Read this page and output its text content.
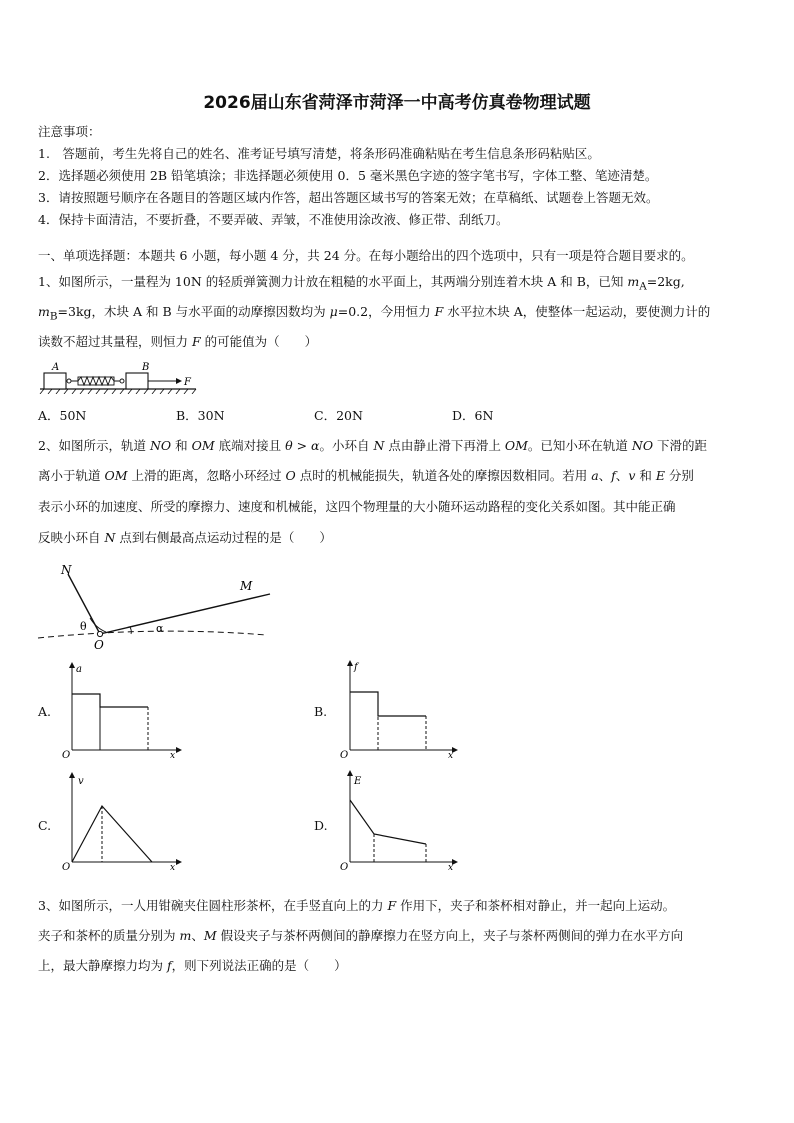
2026届山东省菏泽市菏泽一中高考仿真卷物理试题
注意事项：
1.　答题前，考生先将自己的姓名、准考证号填写清楚，将条形码准确粘贴在考生信息条形码粘贴区。
2．选择题必须使用 2B 铅笔填涂；非选择题必须使用 0．5 毫米黑色字迹的签字笔书写，字体工整、笔迹清楚。
3．请按照题号顺序在各题目的答题区域内作答，超出答题区域书写的答案无效；在草稿纸、试题卷上答题无效。
4．保持卡面清洁，不要折叠，不要弄破、弄皱，不准使用涂改液、修正带、刮纸刀。
一、单项选择题：本题共 6 小题，每小题 4 分，共 24 分。在每小题给出的四个选项中，只有一项是符合题目要求的。
1、如图所示，一量程为 10N 的轻质弹簧测力计放在粗糙的水平面上，其两端分别连着木块 A 和 B，已知 $m_A=2kg$,
$m_B=3kg$，木块 A 和 B 与水平面的动摩擦因数均为 μ=0.2，今用恒力 F 水平拉木块 A，使整体一起运动，要使测力计的
读数不超过其量程，则恒力 F 的可能值为（　　）
A	B
F
A．50N	B．30N	C．20N	D．6N
2、如图所示，轨道 NO 和 OM 底端对接且 θ > α。小环自 N 点由静止滑下再滑上 OM。已知小环在轨道 NO 下滑的距
离小于轨道 OM 上滑的距离，忽略小环经过 O 点时的机械能损失，轨道各处的摩擦因数相同。若用 a、f、v 和 E 分别
表示小环的加速度、所受的摩擦力、速度和机械能，这四个物理量的大小随环运动路程的变化关系如图。其中能正确
反映小环自 N 点到右侧最高点运动过程的是（　　）
N
M
O
θ	α
A.
a
x
O
B.
f
x
O
C.
v
x
O
D.
E
x
O
3、如图所示，一人用钳碗夹住圆柱形茶杯，在手竖直向上的力 F 作用下，夹子和茶杯相对静止，并一起向上运动。
夹子和茶杯的质量分别为 m、M 假设夹子与茶杯两侧间的静摩擦力在竖方向上，夹子与茶杯两侧间的弹力在水平方向
上，最大静摩擦力均为 f，则下列说法正确的是（　　）
